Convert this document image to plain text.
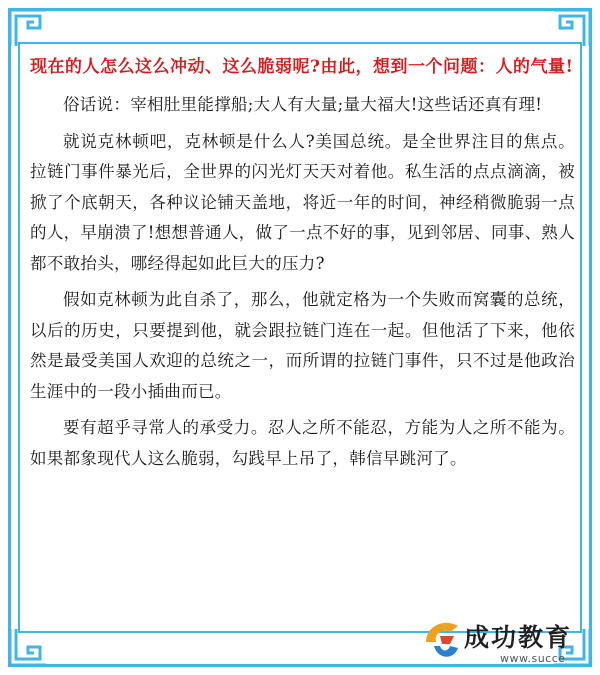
现在的人怎么这么冲动、这么脆弱呢?由此，想到一个问题：人的气量!

俗话说：宰相肚里能撑船;大人有大量;量大福大!这些话还真有理!

就说克林顿吧，克林顿是什么人?美国总统。是全世界注目的焦点。拉链门事件暴光后，全世界的闪光灯天天对着他。私生活的点点滴滴，被掀了个底朝天，各种议论铺天盖地，将近一年的时间，神经稍微脆弱一点的人，早崩溃了!想想普通人，做了一点不好的事，见到邻居、同事、熟人都不敢抬头，哪经得起如此巨大的压力?

假如克林顿为此自杀了，那么，他就定格为一个失败而窝囊的总统，以后的历史，只要提到他，就会跟拉链门连在一起。但他活了下来，他依然是最受美国人欢迎的总统之一，而所谓的拉链门事件，只不过是他政治生涯中的一段小插曲而已。

要有超乎寻常人的承受力。忍人之所不能忍，方能为人之所不能为。如果都象现代人这么脆弱，勾践早上吊了，韩信早跳河了。

成功教育
www.succe
